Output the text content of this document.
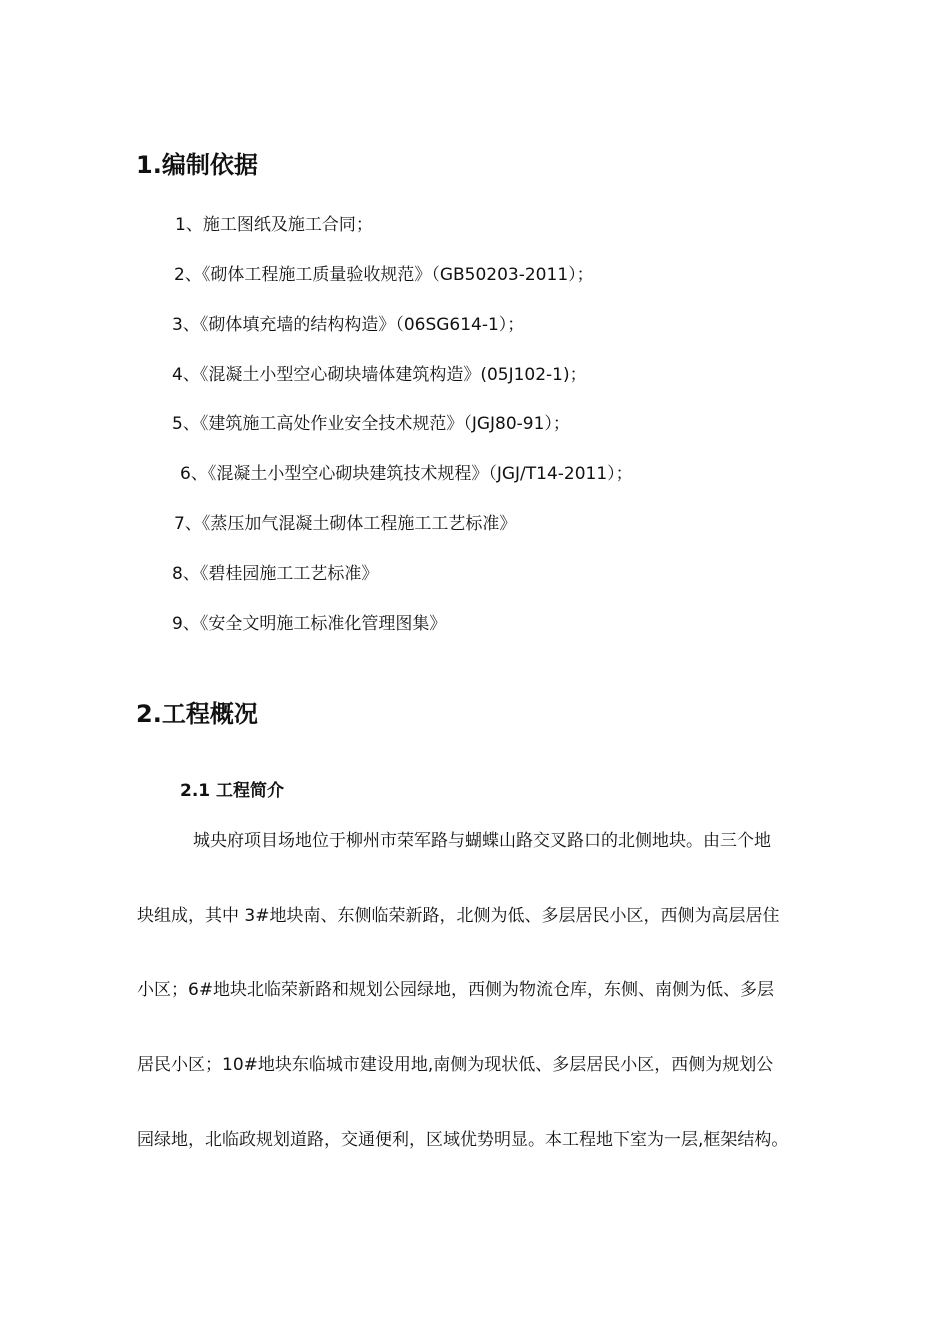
1.编制依据
1、施工图纸及施工合同；
2、《砌体工程施工质量验收规范》（GB50203-2011）；
3、《砌体填充墙的结构构造》（06SG614-1）；
4、《混凝土小型空心砌块墙体建筑构造》(05J102-1)；
5、《建筑施工高处作业安全技术规范》（JGJ80-91）；
6、《混凝土小型空心砌块建筑技术规程》（JGJ/T14-2011）；
7、《蒸压加气混凝土砌体工程施工工艺标准》
8、《碧桂园施工工艺标准》
9、《安全文明施工标准化管理图集》
2.工程概况
2.1 工程简介
城央府项目场地位于柳州市荣军路与蝴蝶山路交叉路口的北侧地块。由三个地
块组成，其中 3#地块南、东侧临荣新路，北侧为低、多层居民小区，西侧为高层居住
小区；6#地块北临荣新路和规划公园绿地，西侧为物流仓库，东侧、南侧为低、多层
居民小区；10#地块东临城市建设用地,南侧为现状低、多层居民小区，西侧为规划公
园绿地，北临政规划道路，交通便利，区域优势明显。本工程地下室为一层,框架结构。
